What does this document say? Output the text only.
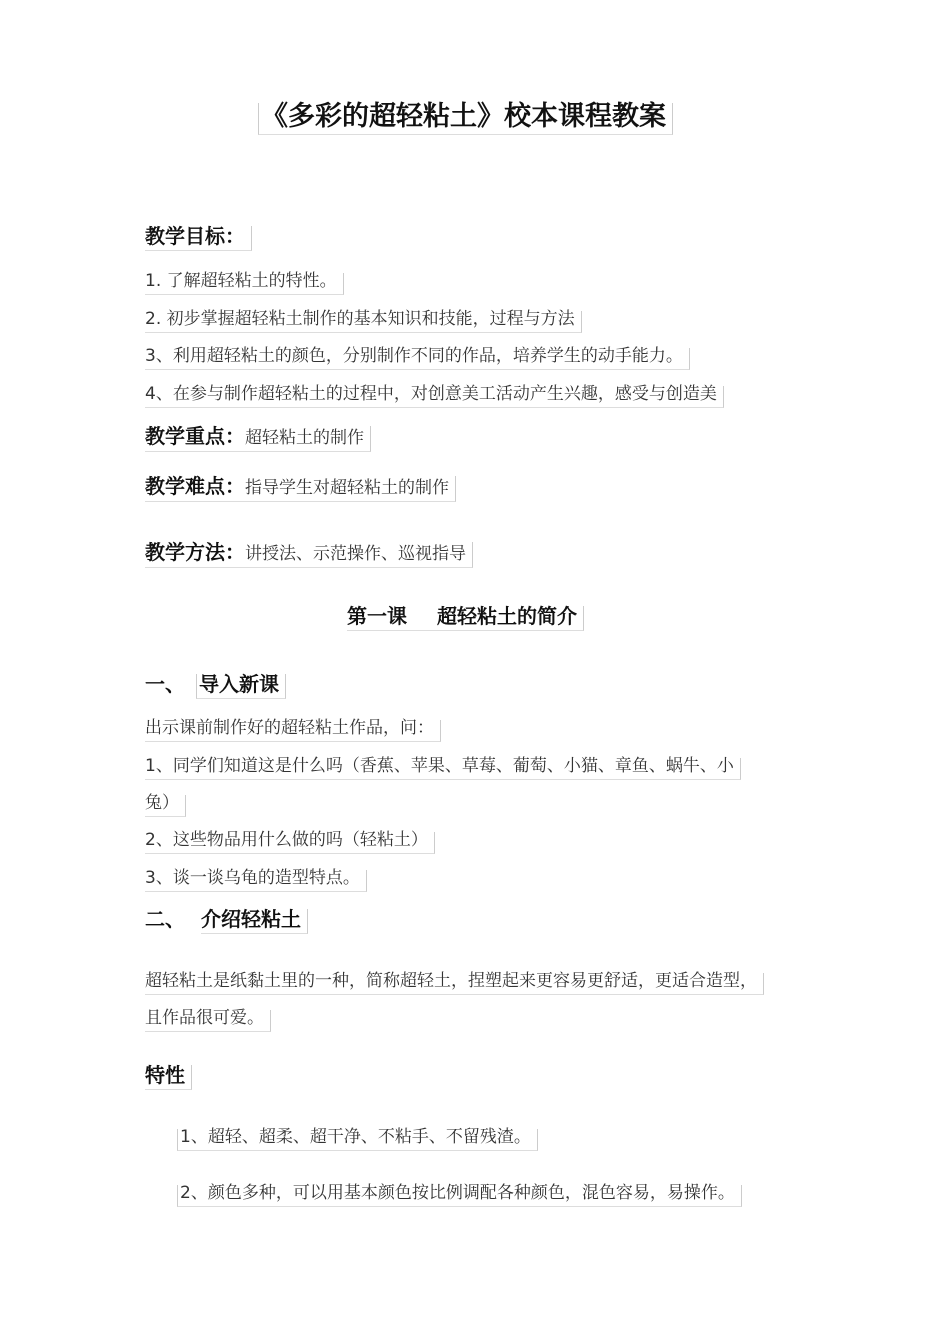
《多彩的超轻粘土》校本课程教案
教学目标：
1. 了解超轻粘土的特性。
2. 初步掌握超轻粘土制作的基本知识和技能，过程与方法
3、利用超轻粘土的颜色，分别制作不同的作品，培养学生的动手能力。
4、在参与制作超轻粘土的过程中，对创意美工活动产生兴趣，感受与创造美
教学重点：超轻粘土的制作
教学难点：指导学生对超轻粘土的制作
教学方法：讲授法、示范操作、巡视指导
第一课 超轻粘土的简介
一、 导入新课
出示课前制作好的超轻粘土作品，问：
1、同学们知道这是什么吗（香蕉、苹果、草莓、葡萄、小猫、章鱼、蜗牛、小
兔）
2、这些物品用什么做的吗（轻粘土）
3、谈一谈乌龟的造型特点。
二、 介绍轻粘土
超轻粘土是纸黏土里的一种，简称超轻土，捏塑起来更容易更舒适，更适合造型，
且作品很可爱。
特性
1、超轻、超柔、超干净、不粘手、不留残渣。
2、颜色多种，可以用基本颜色按比例调配各种颜色，混色容易，易操作。
